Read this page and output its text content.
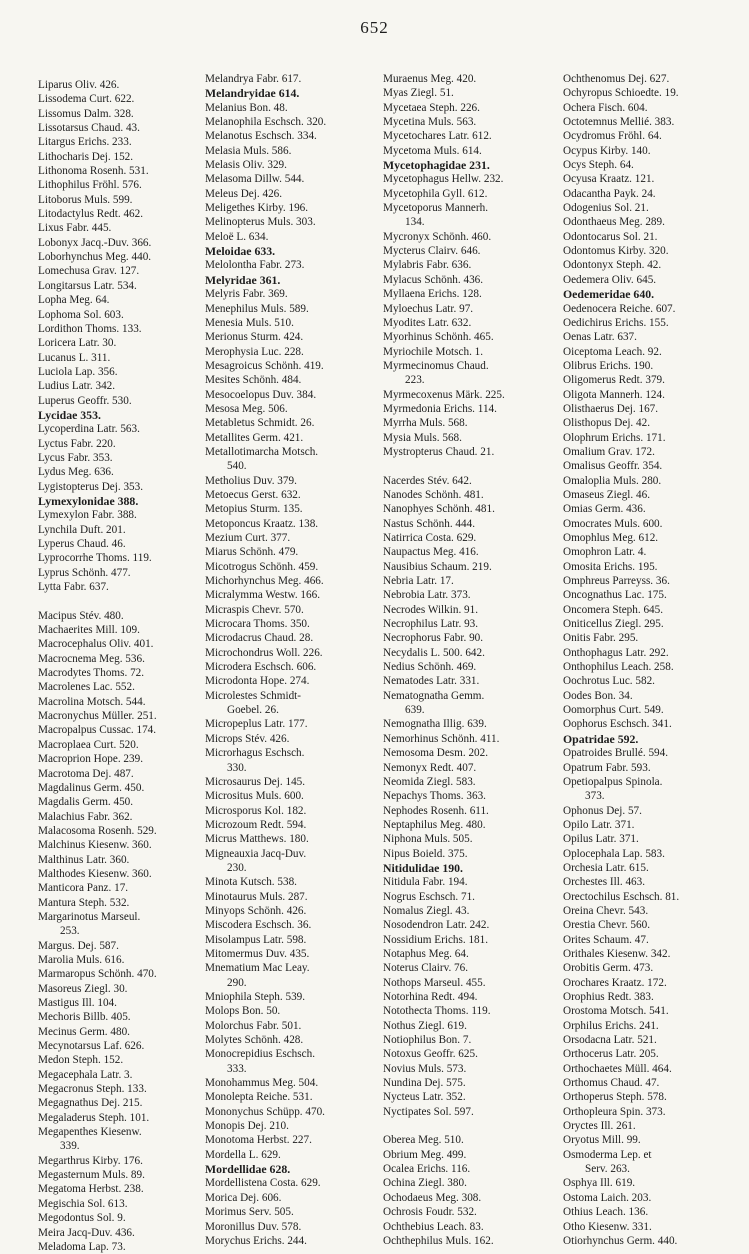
652
Liparus Oliv. 426.
Lissodema Curt. 622.
Lissomus Dalm. 328.
Lissotarsus Chaud. 43.
Litargus Erichs. 233.
Lithocharis Dej. 152.
Lithonoma Rosenh. 531.
Lithophilus Fröhl. 576.
Litoborus Muls. 599.
Litodactylus Redt. 462.
Lixus Fabr. 445.
Lobonyx Jacq.-Duv. 366.
Loborhynchus Meg. 440.
Lomechusa Grav. 127.
Longitarsus Latr. 534.
Lopha Meg. 64.
Lophoma Sol. 603.
Lordithon Thoms. 133.
Loricera Latr. 30.
Lucanus L. 311.
Luciola Lap. 356.
Ludius Latr. 342.
Luperus Geoffr. 530.
Lycidae 353.
Lycoperdina Latr. 563.
Lyctus Fabr. 220.
Lycus Fabr. 353.
Lydus Meg. 636.
Lygistopterus Dej. 353.
Lymexylonidae 388.
Lymexylon Fabr. 388.
Lynchila Duft. 201.
Lyperus Chaud. 46.
Lyprocorrhe Thoms. 119.
Lyprus Schönh. 477.
Lytta Fabr. 637.
Macipus Stév. 480.
Machaerites Mill. 109.
Macrocephalus Oliv. 401.
Macrocnema Meg. 536.
Macrodytes Thoms. 72.
Macrolenes Lac. 552.
Macrolina Motsch. 544.
Macronychus Müller. 251.
Macropalpus Cussac. 174.
Macroplaea Curt. 520.
Macroprion Hope. 239.
Macrotoma Dej. 487.
Magdalinus Germ. 450.
Magdalis Germ. 450.
Malachius Fabr. 362.
Malacosoma Rosenh. 529.
Malchinus Kiesenw. 360.
Malthinus Latr. 360.
Malthodes Kiesenw. 360.
Manticora Panz. 17.
Mantura Steph. 532.
Margarinotus Marseul.
253.
Margus. Dej. 587.
Marolia Muls. 616.
Marmaropus Schönh. 470.
Masoreus Ziegl. 30.
Mastigus Ill. 104.
Mechoris Billb. 405.
Mecinus Germ. 480.
Mecynotarsus Laf. 626.
Medon Steph. 152.
Megacephala Latr. 3.
Megacronus Steph. 133.
Megagnathus Dej. 215.
Megaladerus Steph. 101.
Megapenthes Kiesenw.
339.
Megarthrus Kirby. 176.
Megasternum Muls. 89.
Megatoma Herbst. 238.
Megischia Sol. 613.
Megodontus Sol. 9.
Meira Jacq-Duv. 436.
Meladoma Lap. 73.
Melandrya Fabr. 617.
Melandryidae 614.
Melanius Bon. 48.
Melanophila Eschsch. 320.
Melanotus Eschsch. 334.
Melasia Muls. 586.
Melasis Oliv. 329.
Melasoma Dillw. 544.
Meleus Dej. 426.
Meligethes Kirby. 196.
Melinopterus Muls. 303.
Meloë L. 634.
Meloidae 633.
Melolontha Fabr. 273.
Melyridae 361.
Melyris Fabr. 369.
Menephilus Muls. 589.
Menesia Muls. 510.
Merionus Sturm. 424.
Merophysia Luc. 228.
Mesagroicus Schönh. 419.
Mesites Schönh. 484.
Mesocoelopus Duv. 384.
Mesosa Meg. 506.
Metabletus Schmidt. 26.
Metallites Germ. 421.
Metallotimarcha Motsch.
540.
Metholius Duv. 379.
Metoecus Gerst. 632.
Metopius Sturm. 135.
Metoponcus Kraatz. 138.
Mezium Curt. 377.
Miarus Schönh. 479.
Micotrogus Schönh. 459.
Michorhynchus Meg. 466.
Micralymma Westw. 166.
Micraspis Chevr. 570.
Microcara Thoms. 350.
Microdacrus Chaud. 28.
Microchondrus Woll. 226.
Microdera Eschsch. 606.
Microdonta Hope. 274.
Microlestes Schmidt-
Goebel. 26.
Micropeplus Latr. 177.
Microps Stév. 426.
Microrhagus Eschsch.
330.
Microsaurus Dej. 145.
Micrositus Muls. 600.
Microsporus Kol. 182.
Microzoum Redt. 594.
Micrus Matthews. 180.
Migneauxia Jacq-Duv.
230.
Minota Kutsch. 538.
Minotaurus Muls. 287.
Minyops Schönh. 426.
Miscodera Eschsch. 36.
Misolampus Latr. 598.
Mitomermus Duv. 435.
Mnematium Mac Leay.
290.
Mniophila Steph. 539.
Molops Bon. 50.
Molorchus Fabr. 501.
Molytes Schönh. 428.
Monocrepidius Eschsch.
333.
Monohammus Meg. 504.
Monolepta Reiche. 531.
Mononychus Schüpp. 470.
Monopis Dej. 210.
Monotoma Herbst. 227.
Mordella L. 629.
Mordellidae 628.
Mordellistena Costa. 629.
Morica Dej. 606.
Morimus Serv. 505.
Moronillus Duv. 578.
Morychus Erichs. 244.
Muraenus Meg. 420.
Myas Ziegl. 51.
Mycetaea Steph. 226.
Mycetina Muls. 563.
Mycetochares Latr. 612.
Mycetoma Muls. 614.
Mycetophagidae 231.
Mycetophagus Hellw. 232.
Mycetophila Gyll. 612.
Mycetoporus Mannerh.
134.
Mycronyx Schönh. 460.
Mycterus Clairv. 646.
Mylabris Fabr. 636.
Mylacus Schönh. 436.
Myllaena Erichs. 128.
Myloechus Latr. 97.
Myodites Latr. 632.
Myorhinus Schönh. 465.
Myriochile Motsch. 1.
Myrmecinomus Chaud.
223.
Myrmecoxenus Märk. 225.
Myrmedonia Erichs. 114.
Myrrha Muls. 568.
Mysia Muls. 568.
Mystropterus Chaud. 21.
Nacerdes Stév. 642.
Nanodes Schönh. 481.
Nanophyes Schönh. 481.
Nastus Schönh. 444.
Natirrica Costa. 629.
Naupactus Meg. 416.
Nausibius Schaum. 219.
Nebria Latr. 17.
Nebrobia Latr. 373.
Necrodes Wilkin. 91.
Necrophilus Latr. 93.
Necrophorus Fabr. 90.
Necydalis L. 500. 642.
Nedius Schönh. 469.
Nematodes Latr. 331.
Nematognatha Gemm.
639.
Nemognatha Illig. 639.
Nemorhinus Schönh. 411.
Nemosoma Desm. 202.
Nemonyx Redt. 407.
Neomida Ziegl. 583.
Nepachys Thoms. 363.
Nephodes Rosenh. 611.
Neptaphilus Meg. 480.
Niphona Muls. 505.
Nipus Boield. 375.
Nitidulidae 190.
Nitidula Fabr. 194.
Nogrus Eschsch. 71.
Nomalus Ziegl. 43.
Nosodendron Latr. 242.
Nossidium Erichs. 181.
Notaphus Meg. 64.
Noterus Clairv. 76.
Nothops Marseul. 455.
Notorhina Redt. 494.
Notothecta Thoms. 119.
Nothus Ziegl. 619.
Notiophilus Bon. 7.
Notoxus Geoffr. 625.
Novius Muls. 573.
Nundina Dej. 575.
Nycteus Latr. 352.
Nyctipates Sol. 597.
Oberea Meg. 510.
Obrium Meg. 499.
Ocalea Erichs. 116.
Ochina Ziegl. 380.
Ochodaeus Meg. 308.
Ochrosis Foudr. 532.
Ochthebius Leach. 83.
Ochthephilus Muls. 162.
Ochthenomus Dej. 627.
Ochyropus Schioedte. 19.
Ochera Fisch. 604.
Octotemnus Mellié. 383.
Ocydromus Fröhl. 64.
Ocypus Kirby. 140.
Ocys Steph. 64.
Ocyusa Kraatz. 121.
Odacantha Payk. 24.
Odogenius Sol. 21.
Odonthaeus Meg. 289.
Odontocarus Sol. 21.
Odontomus Kirby. 320.
Odontonyx Steph. 42.
Oedemera Oliv. 645.
Oedemeridae 640.
Oedenocera Reiche. 607.
Oedichirus Erichs. 155.
Oenas Latr. 637.
Oiceptoma Leach. 92.
Olibrus Erichs. 190.
Oligomerus Redt. 379.
Oligota Mannerh. 124.
Olisthaerus Dej. 167.
Olisthopus Dej. 42.
Olophrum Erichs. 171.
Omalium Grav. 172.
Omalisus Geoffr. 354.
Omaloplia Muls. 280.
Omaseus Ziegl. 46.
Omias Germ. 436.
Omocrates Muls. 600.
Omophlus Meg. 612.
Omophron Latr. 4.
Omosita Erichs. 195.
Omphreus Parreyss. 36.
Oncognathus Lac. 175.
Oncomera Steph. 645.
Oniticellus Ziegl. 295.
Onitis Fabr. 295.
Onthophagus Latr. 292.
Onthophilus Leach. 258.
Oochrotus Luc. 582.
Oodes Bon. 34.
Oomorphus Curt. 549.
Oophorus Eschsch. 341.
Opatridae 592.
Opatroides Brullé. 594.
Opatrum Fabr. 593.
Opetiopalpus Spinola.
373.
Ophonus Dej. 57.
Opilo Latr. 371.
Opilus Latr. 371.
Oplocephala Lap. 583.
Orchesia Latr. 615.
Orchestes Ill. 463.
Orectochilus Eschsch. 81.
Oreina Chevr. 543.
Orestia Chevr. 560.
Orites Schaum. 47.
Orithales Kiesenw. 342.
Orobitis Germ. 473.
Orochares Kraatz. 172.
Orophius Redt. 383.
Orostoma Motsch. 541.
Orphilus Erichs. 241.
Orsodacna Latr. 521.
Orthocerus Latr. 205.
Orthochaetes Müll. 464.
Orthomus Chaud. 47.
Orthoperus Steph. 578.
Orthopleura Spin. 373.
Oryctes Ill. 261.
Oryotus Mill. 99.
Osmoderma Lep. et
Serv. 263.
Osphya Ill. 619.
Ostoma Laich. 203.
Othius Leach. 136.
Otho Kiesenw. 331.
Otiorhynchus Germ. 440.
